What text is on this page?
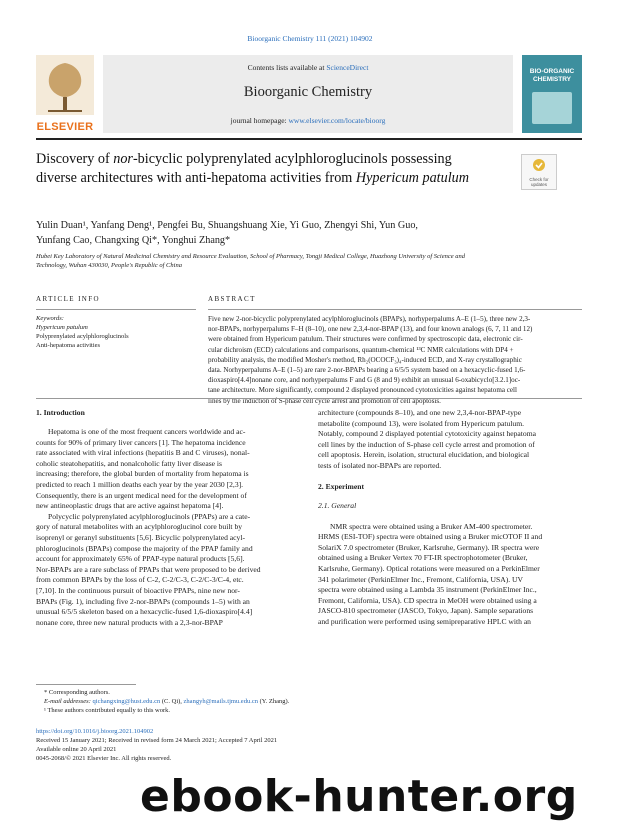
Bioorganic Chemistry 111 (2021) 104902
ELSEVIER
Contents lists available at ScienceDirect
Bioorganic Chemistry
journal homepage: www.elsevier.com/locate/bioorg
BIO-ORGANIC
CHEMISTRY
Discovery of nor-bicyclic polyprenylated acylphloroglucinols possessing
diverse architectures with anti-hepatoma activities from Hypericum patulum	Check for
updates
Yulin Duan¹, Yanfang Deng¹, Pengfei Bu, Shuangshuang Xie, Yi Guo, Zhengyi Shi, Yun Guo,
Yunfang Cao, Changxing Qi*, Yonghui Zhang*
Hubei Key Laboratory of Natural Medicinal Chemistry and Resource Evaluation, School of Pharmacy, Tongji Medical College, Huazhong University of Science and
Technology, Wuhan 430030, People's Republic of China
ARTICLE INFO
Keywords:
Hypericum patulum
Polyprenylated acylphloroglucinols
Anti-hepatoma activities
ABSTRACT
Five new 2-nor-bicyclic polyprenylated acylphloroglucinols (BPAPs), norhyperpalums A–E (1–5), three new 2,3-
nor-BPAPs, norhyperpalums F–H (8–10), one new 2,3,4-nor-BPAP (13), and four known analogs (6, 7, 11 and 12)
were obtained from Hypericum patulum. Their structures were confirmed by spectroscopic data, electronic cir-
cular dichroism (ECD) calculations and comparisons, quantum-chemical ¹³C NMR calculations with DP4 +
probability analysis, the modified Mosher's method, Rh₂(OCOCF₃)₄-induced ECD, and X-ray crystallographic
data. Norhyperpalums A–E (1–5) are rare 2-nor-BPAPs bearing a 6/5/5 system based on a hexacyclic-fused 1,6-
dioxaspiro[4.4]nonane core, and norhyperpalums F and G (8 and 9) exhibit an unusual 6-oxabicyclo[3.2.1]oc-
tane architecture. More significantly, compound 2 displayed pronounced cytotoxicities against hepatoma cell
lines by the induction of S-phase cell cycle arrest and promotion of cell apoptosis.
1. Introduction
Hepatoma is one of the most frequent cancers worldwide and ac-
counts for 90% of primary liver cancers [1]. The hepatoma incidence
rate associated with viral infections (hepatitis B and C viruses), nonal-
coholic steatohepatitis, and nonalcoholic fatty liver disease is
increasing; therefore, the global burden of mortality from hepatoma is
predicted to reach 1 million deaths each year by the year 2030 [2,3].
Consequently, there is an urgent medical need for the development of
new antineoplastic drugs that are active against hepatoma [4].
Polycyclic polyprenylated acylphloroglucinols (PPAPs) are a cate-
gory of natural metabolites with an acylphloroglucinol core built by
isoprenyl or geranyl substituents [5,6]. Bicyclic polyprenylated acyl-
phloroglucinols (BPAPs) compose the majority of the PPAP family and
account for approximately 65% of PPAP-type natural products [5,6].
Nor-BPAPs are a rare subclass of PPAPs that were proposed to be derived
from common BPAPs by the loss of C-2, C-2/C-3, C-2/C-3/C-4, etc.
[7,10]. In the continuous pursuit of bioactive PPAPs, nine new nor-
BPAPs (Fig. 1), including five 2-nor-BPAPs (compounds 1–5) with an
unusual 6/5/5 skeleton based on a hexacyclic-fused 1,6-dioxaspiro[4.4]
nonane core, three new natural products with a 2,3-nor-BPAP
architecture (compounds 8–10), and one new 2,3,4-nor-BPAP-type
metabolite (compound 13), were isolated from Hypericum patulum.
Notably, compound 2 displayed potential cytotoxicity against hepatoma
cell lines by the induction of S-phase cell cycle arrest and promotion of
cell apoptosis. Herein, isolation, structural elucidation, and biological
tests of isolated nor-BPAPs are reported.
2. Experiment
2.1. General
NMR spectra were obtained using a Bruker AM-400 spectrometer.
HRMS (ESI-TOF) spectra were obtained using a Bruker micOTOF II and
SolariX 7.0 spectrometer (Bruker, Karlsruhe, Germany). IR spectra were
obtained using a Bruker Vertex 70 FT-IR spectrophotometer (Bruker,
Karlsruhe, Germany). Optical rotations were measured on a PerkinElmer
341 polarimeter (PerkinElmer Inc., Fremont, California, USA). UV
spectra were obtained using a Lambda 35 instrument (PerkinElmer Inc.,
Fremont, California, USA). CD spectra in MeOH were obtained using a
JASCO-810 spectrometer (JASCO, Tokyo, Japan). Sample separations
and purification were performed using semipreparative HPLC with an
* Corresponding authors.
E-mail addresses: qichangxing@hust.edu.cn (C. Qi), zhangyh@mails.tjmu.edu.cn (Y. Zhang).
¹ These authors contributed equally to this work.
https://doi.org/10.1016/j.bioorg.2021.104902
Received 15 January 2021; Received in revised form 24 March 2021; Accepted 7 April 2021
Available online 20 April 2021
0045-2068/© 2021 Elsevier Inc. All rights reserved.
ebook-hunter.org
